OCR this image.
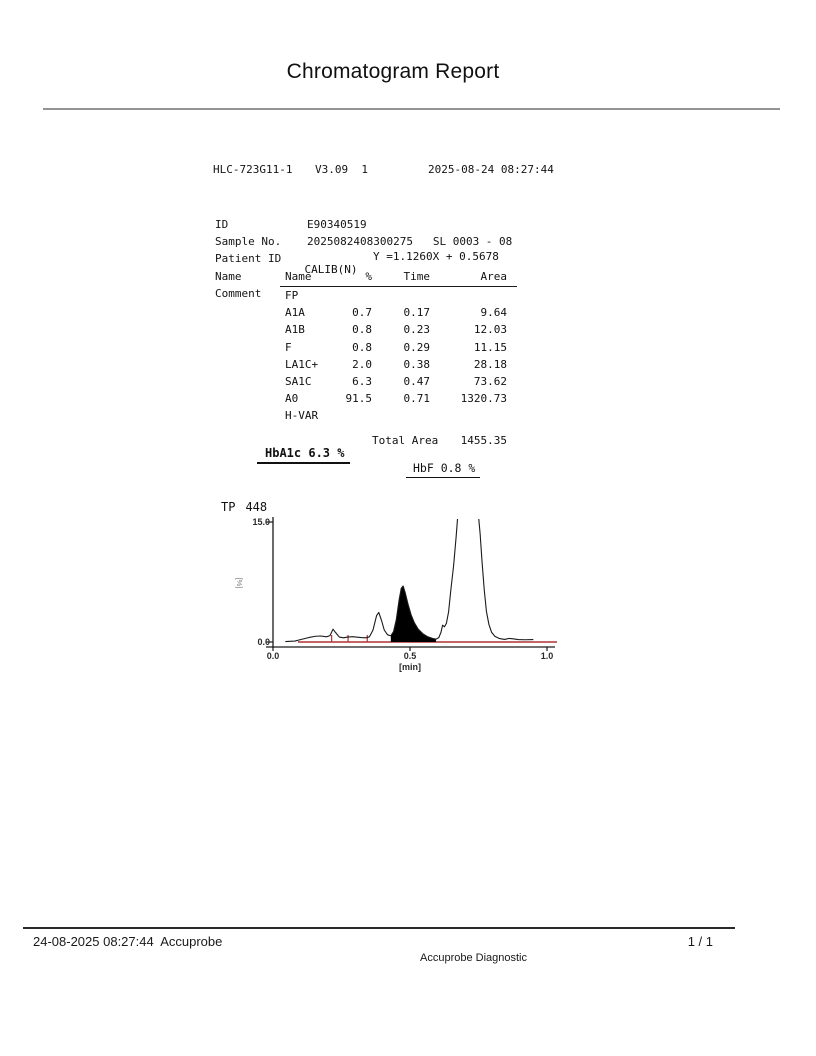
Chromatogram Report

HLC-723G11-1	V3.09  1	2025-08-24 08:27:44

ID	E90340519
Sample No.	2025082408300275   SL 0003 - 08
Patient ID
Name
Comment

CALIB(N)

Y =1.1260X + 0.5678

Name	%	Time	Area
FP
A1A	0.7	0.17	9.64
A1B	0.8	0.23	12.03
F	0.8	0.29	11.15
LA1C+	2.0	0.38	28.18
SA1C	6.3	0.47	73.62
A0	91.5	0.71	1320.73
H-VAR
Total Area	1455.35
HbA1c 6.3 %
HbF 0.8 %
TP 448
15.0
0.0
0.0	0.5	1.0
[min]
[%]
24-08-2025 08:27:44  Accuprobe	1 / 1
Accuprobe Diagnostic
